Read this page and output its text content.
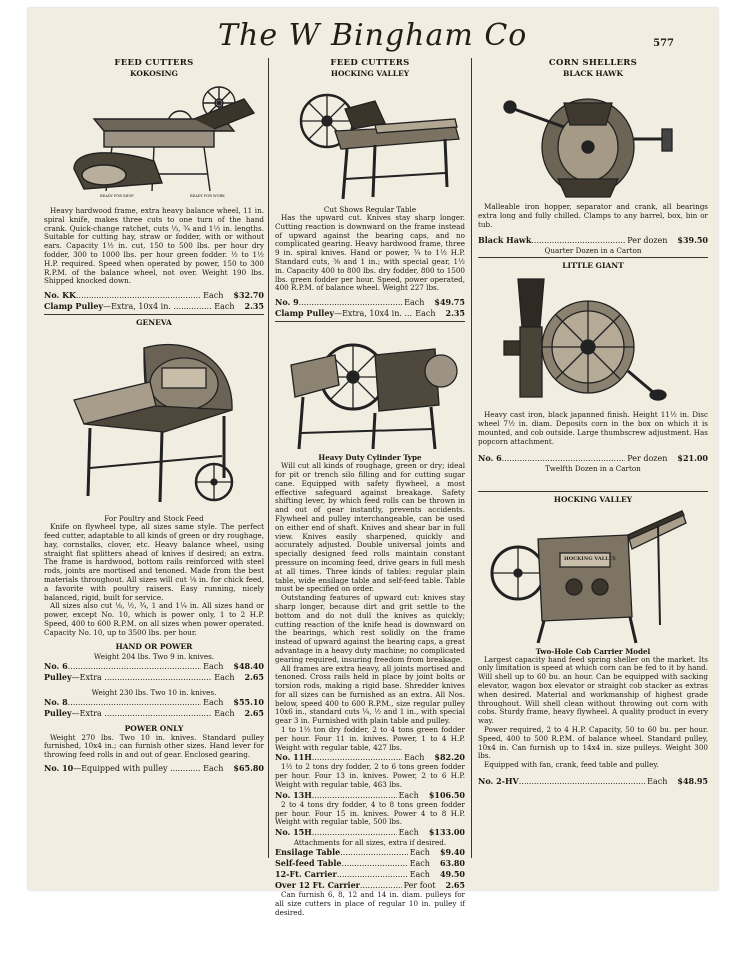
The W Bingham Co	577

FEED CUTTERS

KOKOSING

READY FOR SHOP	READY FOR WORK

Heavy hardwood frame, extra heavy balance wheel, 11 in. spiral knife, makes three cuts to one turn of the hand crank. Quick-change ratchet, cuts ⅓, ¾ and 1½ in. lengths. Suitable for cutting hay, straw or fodder, with or without ears. Capacity 1½ in. cut, 150 to 500 lbs. per hour dry fodder, 300 to 1000 lbs. per hour green fodder. ½ to 1½ H.P. required. Speed when operated by power, 150 to 300 R.P.M. of the balance wheel, not over. Weight 190 lbs. Shipped knocked down.

No. KK .....	Each $32.70
Clamp Pulley —Extra, 10x4 in. .....	Each 2.35

GENEVA

For Poultry and Stock Feed

Knife on flywheel type, all sizes same style. The perfect feed cutter, adaptable to all kinds of green or dry roughage, hay, cornstalks, clover, etc. Heavy balance wheel, using straight flat splitters ahead of knives if desired; an extra. The frame is hardwood, bottom rails reinforced with steel rods, joints are mortised and tenoned. Made from the best materials throughout. All sizes will cut ⅛ in. for chick feed, a favorite with poultry raisers. Easy running, nicely balanced, rigid, built for service.

All sizes also cut ⅛, ½, ¾, 1 and 1¼ in. All sizes hand or power, except No. 10, which is power only, 1 to 2 H.P. Speed, 400 to 600 R.P.M. on all sizes when power operated. Capacity No. 10, up to 3500 lbs. per hour.

HAND OR POWER

Weight 204 lbs. Two 9 in. knives.

No. 6 .....	Each $48.40
Pulley —Extra .....	Each 2.65

Weight 230 lbs. Two 10 in. knives.

No. 8 .....	Each $55.10
Pulley —Extra .....	Each 2.65

POWER ONLY

Weight 270 lbs. Two 10 in. knives. Standard pulley furnished, 10x4 in.; can furnish other sizes. Hand lever for throwing feed rolls in and out of gear. Enclosed gearing.

No. 10 —Equipped with pulley .....	Each $65.80

FEED CUTTERS

HOCKING VALLEY

Cut Shows Regular Table

Has the upward cut. Knives stay sharp longer. Cutting reaction is downward on the frame instead of upward against the bearing caps, and no complicated gearing. Heavy hardwood frame, three 9 in. spiral knives. Hand or power, ¾ to 1½ H.P. Standard cuts, ⅜ and 1 in.; with special gear, 1½ in. Capacity 400 to 800 lbs. dry fodder, 800 to 1500 lbs. green fodder per hour. Speed, power operated, 400 R.P.M. of balance wheel. Weight 227 lbs.

No. 9 .....	Each $49.75
Clamp Pulley —Extra, 10x4 in. .....	Each 2.35

Heavy Duty Cylinder Type

Will cut all kinds of roughage, green or dry; ideal for pit or trench silo filling and for cutting sugar cane. Equipped with safety flywheel, a most effective safeguard against breakage. Safety shifting lever, by which feed rolls can be thrown in and out of gear instantly, prevents accidents. Flywheel and pulley interchangeable, can be used on either end of shaft. Knives and shear bar in full view. Knives easily sharpened, quickly and accurately adjusted. Double universal joints and specially designed feed rolls maintain constant pressure on incoming feed, drive gears in full mesh at all times. Three kinds of tables: regular plain table, wide ensilage table and self-feed table. Table must be specified on order.

Outstanding features of upward cut: knives stay sharp longer, because dirt and grit settle to the bottom and do not dull the knives as quickly; cutting reaction of the knife head is downward on the bearings, which rest solidly on the frame instead of upward against the bearing caps, a great advantage in a heavy duty machine; no complicated gearing required, insuring freedom from breakage.

All frames are extra heavy, all joints mortised and tenoned. Cross rails held in place by joint bolts or torsion rods, making a rigid base. Shredder knives for all sizes can be furnished as an extra. All Nos. below, speed 400 to 600 R.P.M., size regular pulley 10x6 in., standard cuts ¼, ½ and 1 in., with special gear 3 in. Furnished with plain table and pulley.

1 to 1½ ton dry fodder, 2 to 4 tons green fodder per hour. Four 11 in. knives. Power, 1 to 4 H.P. Weight with regular table, 427 lbs.

No. 11H .....	Each $82.20

1½ to 2 tons dry fodder, 2 to 6 tons green fodder per hour. Four 13 in. knives. Power, 2 to 6 H.P. Weight with regular table, 463 lbs.

No. 13H .....	Each $106.50

2 to 4 tons dry fodder, 4 to 8 tons green fodder per hour. Four 15 in. knives. Power 4 to 8 H.P. Weight with regular table, 500 lbs.

No. 15H .....	Each $133.00

Attachments for all sizes, extra if desired.

Ensilage Table .....	Each $9.40
Self-feed Table .....	Each 63.80
12-Ft. Carrier .....	Each 49.50
Over 12 Ft. Carrier .....	Per foot 2.65

Can furnish 6, 8, 12 and 14 in. diam. pulleys for all size cutters in place of regular 10 in. pulley if desired.

CORN SHELLERS

BLACK HAWK

Malleable iron hopper, separator and crank, all bearings extra long and fully chilled. Clamps to any barrel, box, bin or tub.

Black Hawk .....	Per dozen $39.50

Quarter Dozen in a Carton

LITTLE GIANT

Heavy cast iron, black japanned finish. Height 11½ in. Disc wheel 7½ in. diam. Deposits corn in the box on which it is mounted, and cob outside. Large thumbscrew adjustment. Has popcorn attachment.

No. 6 .....	Per dozen $21.00

Twelfth Dozen in a Carton

HOCKING VALLEY

HOCKING VALLEY

Two-Hole Cob Carrier Model

Largest capacity hand feed spring sheller on the market. Its only limitation is speed at which corn can be fed to it by hand. Will shell up to 60 bu. an hour. Can be equipped with sacking elevator, wagon box elevator or straight cob stacker as extras when desired. Material and workmanship of highest grade throughout. Will shell clean without throwing out corn with cobs. Sturdy frame, heavy flywheel. A quality product in every way.

Power required, 2 to 4 H.P. Capacity, 50 to 60 bu. per hour. Speed, 400 to 500 R.P.M. of balance wheel. Standard pulley, 10x4 in. Can furnish up to 14x4 in. size pulleys. Weight 300 lbs.

Equipped with fan, crank, feed table and pulley.

No. 2-HV .....	Each $48.95
